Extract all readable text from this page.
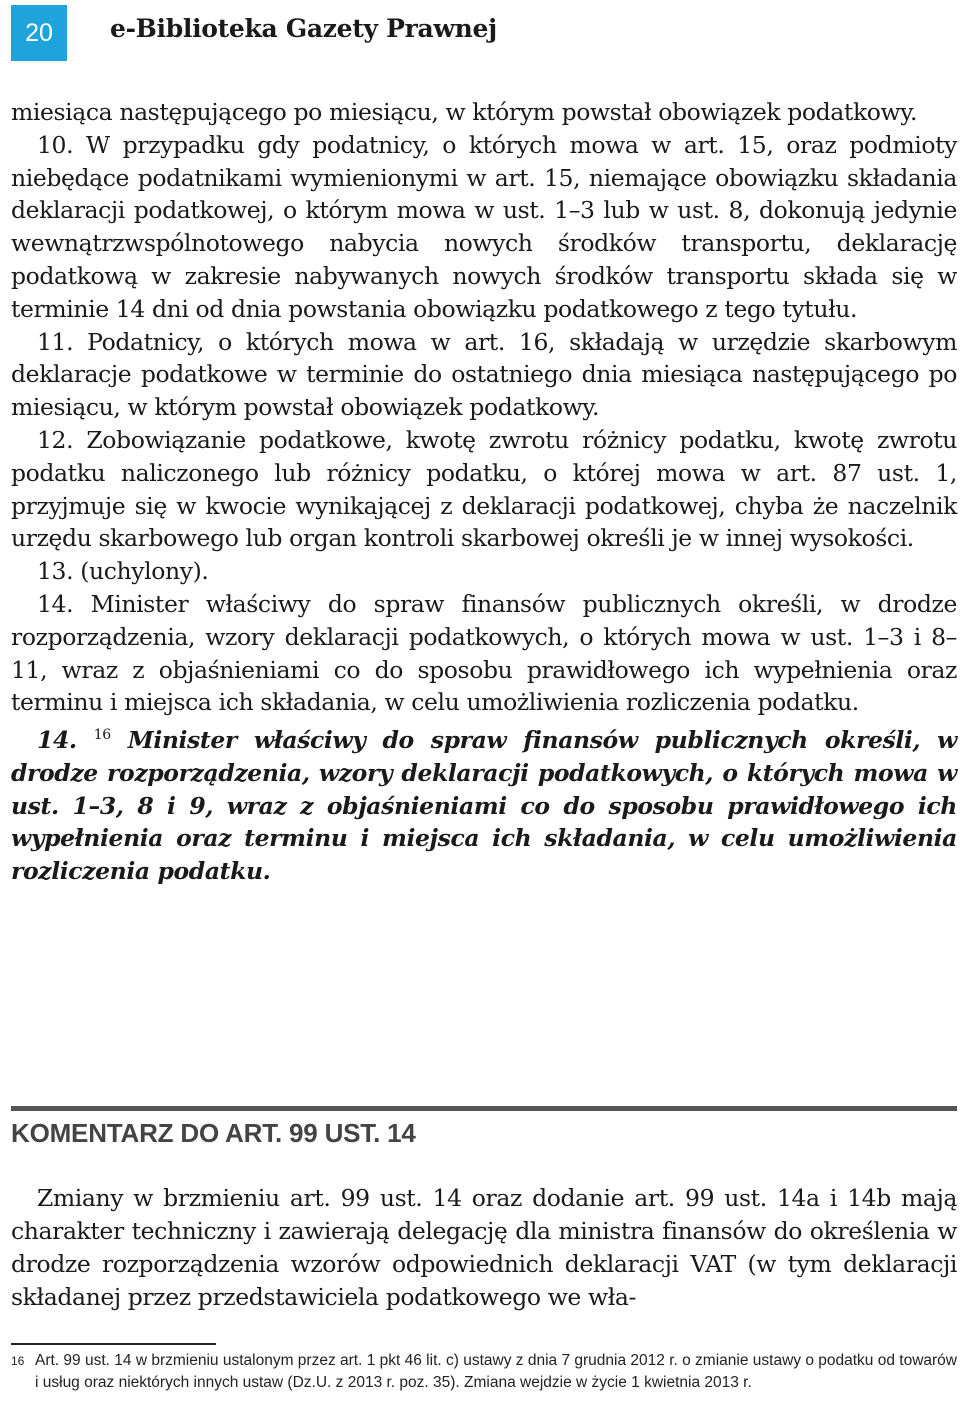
20 e-Biblioteka Gazety Prawnej

miesiąca następującego po miesiącu, w którym powstał obowiązek podatkowy.

10. W przypadku gdy podatnicy, o których mowa w art. 15, oraz podmioty niebędące podatnikami wymienionymi w art. 15, niemające obowiązku składania deklaracji podatkowej, o którym mowa w ust. 1–3 lub w ust. 8, dokonują jedynie wewnątrzwspólnotowego nabycia nowych środków transportu, deklarację podatkową w zakresie nabywanych nowych środków transportu składa się w terminie 14 dni od dnia powstania obowiązku podatkowego z tego tytułu.

11. Podatnicy, o których mowa w art. 16, składają w urzędzie skarbowym deklaracje podatkowe w terminie do ostatniego dnia miesiąca następującego po miesiącu, w którym powstał obowiązek podatkowy.

12. Zobowiązanie podatkowe, kwotę zwrotu różnicy podatku, kwotę zwrotu podatku naliczonego lub różnicy podatku, o której mowa w art. 87 ust. 1, przyjmuje się w kwocie wynikającej z deklaracji podatkowej, chyba że naczelnik urzędu skarbowego lub organ kontroli skarbowej określi je w innej wysokości.

13. (uchylony).

14. Minister właściwy do spraw finansów publicznych określi, w drodze rozporządzenia, wzory deklaracji podatkowych, o których mowa w ust. 1–3 i 8–11, wraz z objaśnieniami co do sposobu prawidłowego ich wypełnienia oraz terminu i miejsca ich składania, w celu umożliwienia rozliczenia podatku.

14. $^{16}$ Minister właściwy do spraw finansów publicznych określi, w drodze rozporządzenia, wzory deklaracji podatkowych, o których mowa w ust. 1–3, 8 i 9, wraz z objaśnieniami co do sposobu prawidłowego ich wypełnienia oraz terminu i miejsca ich składania, w celu umożliwienia rozliczenia podatku.

KOMENTARZ DO ART. 99 UST. 14

Zmiany w brzmieniu art. 99 ust. 14 oraz dodanie art. 99 ust. 14a i 14b mają charakter techniczny i zawierają delegację dla ministra finansów do określenia w drodze rozporządzenia wzorów odpowiednich deklaracji VAT (w tym deklaracji składanej przez przedstawiciela podatkowego we wła-

16 Art. 99 ust. 14 w brzmieniu ustalonym przez art. 1 pkt 46 lit. c) ustawy z dnia 7 grudnia 2012 r. o zmianie ustawy o podatku od towarów i usług oraz niektórych innych ustaw (Dz.U. z 2013 r. poz. 35). Zmiana wejdzie w życie 1 kwietnia 2013 r.
